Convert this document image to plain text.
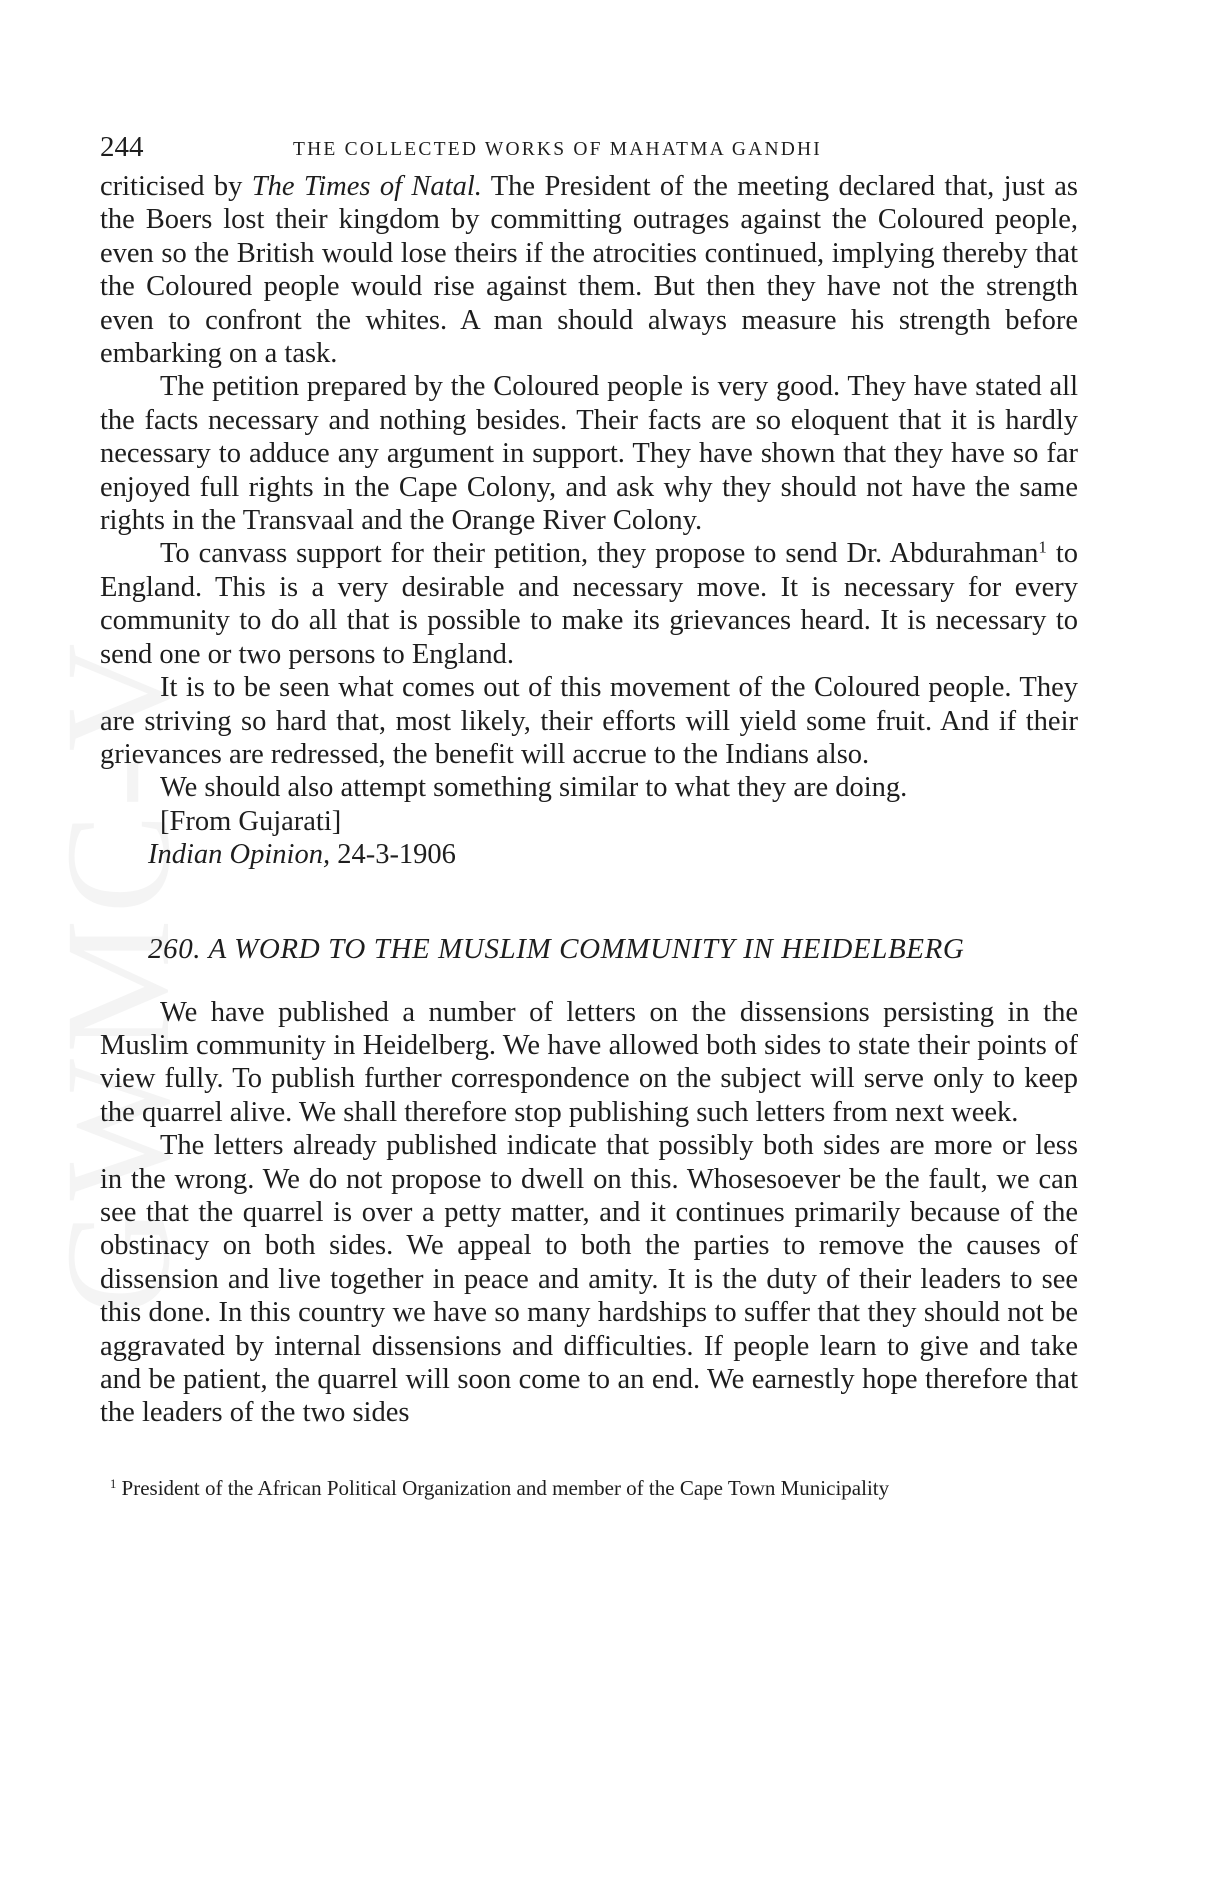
244	THE COLLECTED WORKS OF MAHATMA GANDHI

criticised by The Times of Natal. The President of the meeting declared that, just as the Boers lost their kingdom by committing outrages against the Coloured people, even so the British would lose theirs if the atrocities continued, implying thereby that the Coloured people would rise against them. But then they have not the strength even to confront the whites. A man should always measure his strength before embarking on a task.

The petition prepared by the Coloured people is very good. They have stated all the facts necessary and nothing besides. Their facts are so eloquent that it is hardly necessary to adduce any argument in support. They have shown that they have so far enjoyed full rights in the Cape Colony, and ask why they should not have the same rights in the Transvaal and the Orange River Colony.

To canvass support for their petition, they propose to send Dr. Abdurahman$^1$ to England. This is a very desirable and necessary move. It is necessary for every community to do all that is possible to make its grievances heard. It is necessary to send one or two persons to England.

It is to be seen what comes out of this movement of the Coloured people. They are striving so hard that, most likely, their efforts will yield some fruit. And if their grievances are redressed, the benefit will accrue to the Indians also.

We should also attempt something similar to what they are doing.

[From Gujarati]

Indian Opinion, 24-3-1906

260. A WORD TO THE MUSLIM COMMUNITY IN HEIDELBERG

We have published a number of letters on the dissensions persisting in the Muslim community in Heidelberg. We have allowed both sides to state their points of view fully. To publish further correspondence on the subject will serve only to keep the quarrel alive. We shall therefore stop publishing such letters from next week.

The letters already published indicate that possibly both sides are more or less in the wrong. We do not propose to dwell on this. Whosesoever be the fault, we can see that the quarrel is over a petty matter, and it continues primarily because of the obstinacy on both sides. We appeal to both the parties to remove the causes of dissension and live together in peace and amity. It is the duty of their leaders to see this done. In this country we have so many hardships to suffer that they should not be aggravated by internal dissensions and difficulties. If people learn to give and take and be patient, the quarrel will soon come to an end. We earnestly hope therefore that the leaders of the two sides

$^1$ President of the African Political Organization and member of the Cape Town Municipality
